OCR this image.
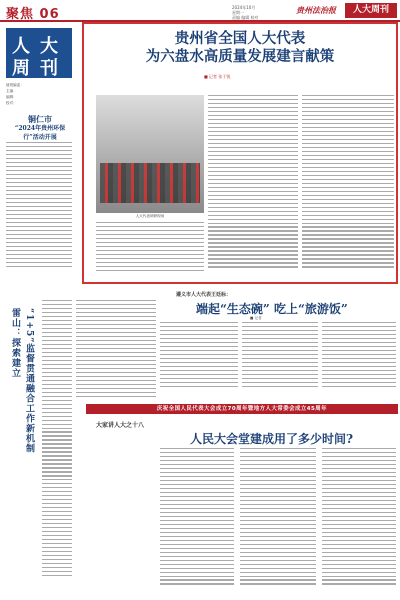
聚焦 06	2024年10月
星期一
责编 编辑 校对
贵州法治报	人大周刊
人 大
周 刊
值班编委：
主编：
编辑：
校对：
铜仁市
“2024年贵州环保行”活动开展
雷山：探索建立 “1+5”监督贯通融合工作新机制
贵州省全国人大代表
为六盘水高质量发展建言献策
■ 记者 张于锐
人大代表调研现场
遵义市人大代表王廷标：
端起“生态碗” 吃上“旅游饭”
■ 记者
庆祝全国人民代表大会成立70周年暨地方人大常委会成立45周年
大家讲人大之十八
人民大会堂建成用了多少时间?
